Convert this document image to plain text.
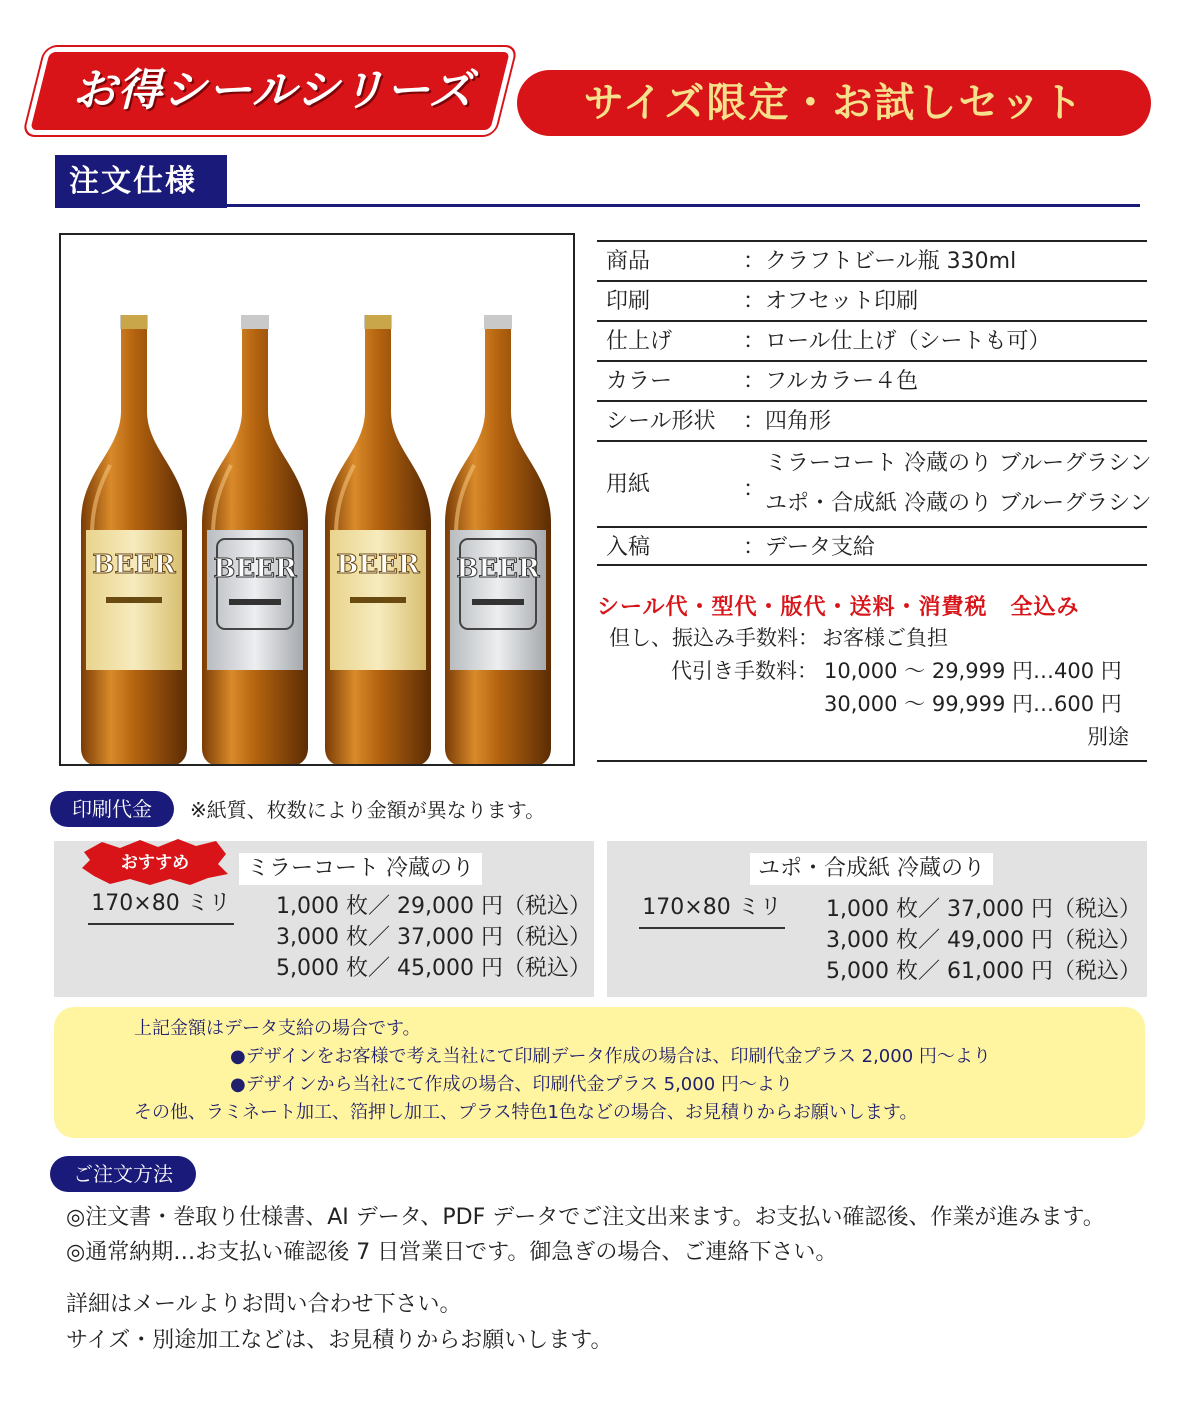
お得シールシリーズ	サイズ限定・お試しセット
注文仕様
BEER BEER BEER BEER
商品	： クラフトビール瓶 330ml
印刷	： オフセット印刷
仕上げ	： ロール仕上げ（シートも可）
カラー	： フルカラー４色
シール形状 ： 四角形
用紙	：
ミラーコート 冷蔵のり ブルーグラシン
ユポ・合成紙 冷蔵のり ブルーグラシン
入稿	： データ支給
シール代・型代・版代・送料・消費税　全込み
但し、振込み手数料： お客様ご負担
代引き手数料： 10,000 ～ 29,999 円…400 円
30,000 ～ 99,999 円…600 円
別途
印刷代金	※紙質、枚数により金額が異なります。
ミラーコート 冷蔵のり
170×80 ミリ 1,000 枚／ 29,000 円（税込）
3,000 枚／ 37,000 円（税込）
5,000 枚／ 45,000 円（税込）
ユポ・合成紙 冷蔵のり
170×80 ミリ 1,000 枚／ 37,000 円（税込）
3,000 枚／ 49,000 円（税込）
5,000 枚／ 61,000 円（税込）
おすすめ
上記金額はデータ支給の場合です。
●デザインをお客様で考え当社にて印刷データ作成の場合は、印刷代金プラス 2,000 円～より
●デザインから当社にて作成の場合、印刷代金プラス 5,000 円～より
その他、ラミネート加工、箔押し加工、プラス特色1色などの場合、お見積りからお願いします。
ご注文方法
◎注文書・巻取り仕様書、AI データ、PDF データでご注文出来ます。お支払い確認後、作業が進みます。
◎通常納期…お支払い確認後 7 日営業日です。御急ぎの場合、ご連絡下さい。
詳細はメールよりお問い合わせ下さい。
サイズ・別途加工などは、お見積りからお願いします。
